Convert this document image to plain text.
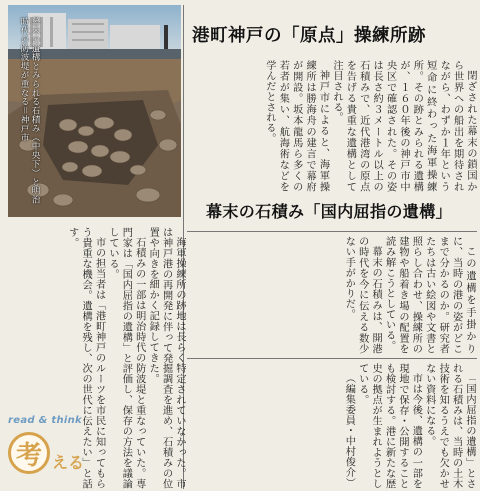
幕末の遺構とみられる石積み（中央下）と明治時代の防波堤が重なる＝神戸市	港町神戸の「原点」操練所跡

閉ざされた幕末の鎖国から世界への船出を期待されながら、わずか１年という短命に終わった海軍操練所。その跡とみられる遺構が、１６０年後の神戸市中央区で確認された。その姿は長さ約３メートル以上の石積みで、近代港湾の原点を告げる貴重な遺構として注目される。

神戸市によると、海軍操練所は勝海舟の建言で幕府が開設。坂本龍馬ら多くの若者が集い、航海術などを学んだとされる。

幕末の石積み「国内屈指の遺構」

海軍操練所の跡地は長らく特定されていなかった。市は神戸港の再開発に伴って発掘調査を進め、石積みの位置や向きを細かく記録してきた。

石積みの一部は明治時代の防波堤と重なっていた。専門家は「国内屈指の遺構」と評価し、保存の方法を議論している。

市の担当者は「港町神戸のルーツを市民に知ってもらう貴重な機会。遺構を残し、次の世代に伝えたい」と話す。

この遺構を手掛かりに、当時の港の姿がどこまで分かるのか。研究者たちは古い絵図や文書と照らし合わせ、操練所の建物や船着き場の配置を読み解こうとしている。

幕末の石積みは、開港の時代を今に伝える数少ない手がかりだ。

「国内屈指の遺構」とされる石積みは、当時の土木技術を知るうえでも欠かせない資料になる。

市は今後、遺構の一部を現地で保存・公開することも検討する。港に新たな歴史の拠点が生まれようとしている。

（編集委員・中村俊介）

read & think
考 える
